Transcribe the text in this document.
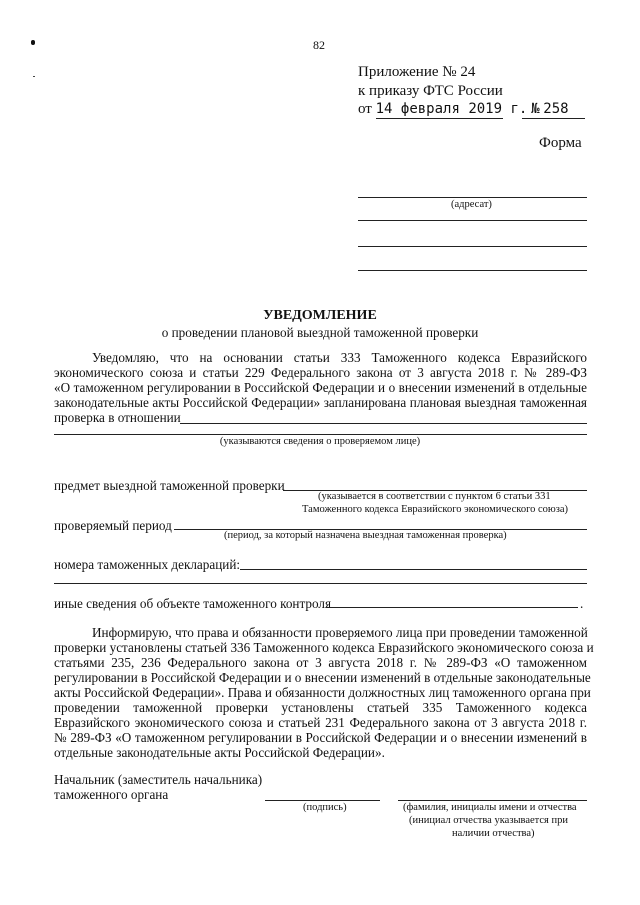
82
Приложение № 24
к приказу ФТС России
от 14 февраля 2019 г. № 258
Форма
(адресат)
УВЕДОМЛЕНИЕ
о проведении плановой выездной таможенной проверки
Уведомляю, что на основании статьи 333 Таможенного кодекса Евразийского
экономического союза и статьи 229 Федерального закона от 3 августа 2018 г. № 289-ФЗ
«О таможенном регулировании в Российской Федерации и о внесении изменений в отдельные
законодательные акты Российской Федерации» запланирована плановая выездная таможенная
проверка в отношении
(указываются сведения о проверяемом лице)
предмет выездной таможенной проверки
(указывается в соответствии с пунктом 6 статьи 331
Таможенного кодекса Евразийского экономического союза)
проверяемый период
(период, за который назначена выездная таможенная проверка)
номера таможенных деклараций:
иные сведения об объекте таможенного контроля	.
Информирую, что права и обязанности проверяемого лица при проведении таможенной
проверки установлены статьей 336 Таможенного кодекса Евразийского экономического союза и
статьями 235, 236 Федерального закона от 3 августа 2018 г. № 289-ФЗ «О таможенном
регулировании в Российской Федерации и о внесении изменений в отдельные законодательные
акты Российской Федерации». Права и обязанности должностных лиц таможенного органа при
проведении таможенной проверки установлены статьей 335 Таможенного кодекса
Евразийского экономического союза и статьей 231 Федерального закона от 3 августа 2018 г.
№ 289-ФЗ «О таможенном регулировании в Российской Федерации и о внесении изменений в
отдельные законодательные акты Российской Федерации».
Начальник (заместитель начальника)
таможенного органа
(подпись)	(фамилия, инициалы имени и отчества
(инициал отчества указывается при
наличии отчества)
